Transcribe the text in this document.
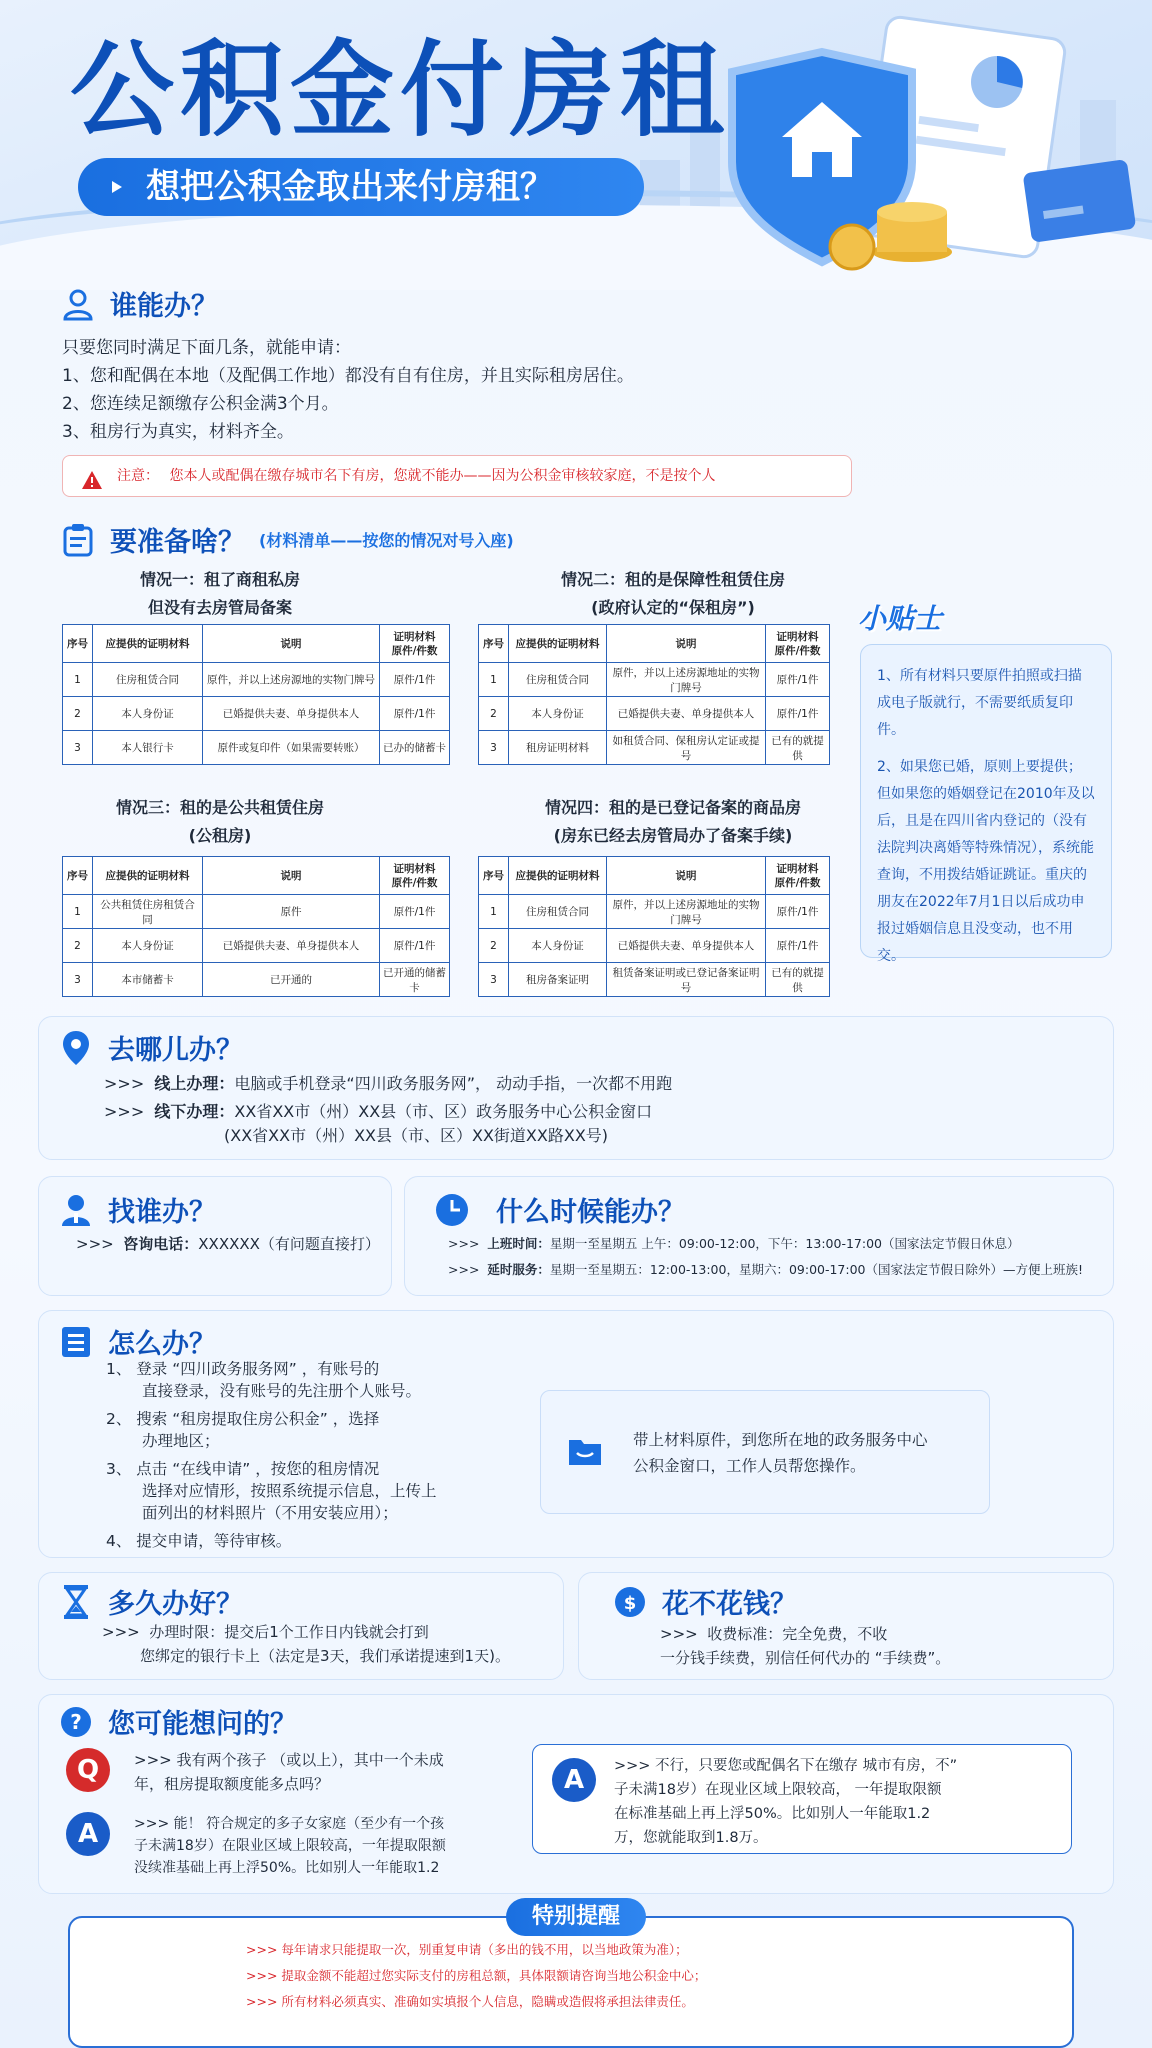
公积金付房租
想把公积金取出来付房租？
谁能办？
只要您同时满足下面几条，就能申请：
1、您和配偶在本地（及配偶工作地）都没有自有住房，并且实际租房居住。
2、您连续足额缴存公积金满3个月。
3、租房行为真实，材料齐全。
注意： 您本人或配偶在缴存城市名下有房，您就不能办——因为公积金审核较家庭，不是按个人
要准备啥？ (材料清单——按您的情况对号入座)
情况一：租了商租私房
但没有去房管局备案
序号	应提供的证明材料	说明	证明材料
原件/件数
1	住房租赁合同	原件，并以上述房源地的实物门牌号	原件/1件
2	本人身份证	已婚提供夫妻、单身提供本人	原件/1件
3	本人银行卡	原件或复印件（如果需要转账）	已办的储蓄卡
情况二：租的是保障性租赁住房
(政府认定的“保租房”)
序号	应提供的证明材料	说明	证明材料
原件/件数
1	住房租赁合同	原件，并以上述房源地址的实物门牌号	原件/1件
2	本人身份证	已婚提供夫妻、单身提供本人	原件/1件
3	租房证明材料	如租赁合同、保租房认定证或提号	已有的就提供
情况三：租的是公共租赁住房
(公租房)
序号	应提供的证明材料	说明	证明材料
原件/件数
1	公共租赁住房租赁合同	原件	原件/1件
2	本人身份证	已婚提供夫妻、单身提供本人	原件/1件
3	本市储蓄卡	已开通的	已开通的储蓄卡
情况四：租的是已登记备案的商品房
(房东已经去房管局办了备案手续)
序号	应提供的证明材料	说明	证明材料
原件/件数
1	住房租赁合同	原件，并以上述房源地址的实物门牌号	原件/1件
2	本人身份证	已婚提供夫妻、单身提供本人	原件/1件
3	租房备案证明	租赁备案证明或已登记备案证明号	已有的就提供
小贴士

1、所有材料只要原件拍照或扫描成电子版就行，不需要纸质复印件。

2、如果您已婚，原则上要提供；但如果您的婚姻登记在2010年及以后，且是在四川省内登记的（没有法院判决离婚等特殊情况），系统能查询，不用拨结婚证跳证。重庆的朋友在2022年7月1日以后成功申报过婚姻信息且没变动，也不用交。

去哪儿办？
>>>  线上办理：电脑或手机登录“四川政务服务网”， 动动手指，一次都不用跑
>>>  线下办理：XX省XX市（州）XX县（市、区）政务服务中心公积金窗口
(XX省XX市（州）XX县（市、区）XX街道XX路XX号)
找谁办？
>>>  咨询电话：XXXXXX（有问题直接打）
什么时候能办？
>>>  上班时间：星期一至星期五 上午：09:00-12:00，下午：13:00-17:00（国家法定节假日休息）
>>>  延时服务：星期一至星期五：12:00-13:00，星期六：09:00-17:00（国家法定节假日除外）—方便上班族!
怎么办？
1、 登录 “四川政务服务网” ，有账号的
直接登录，没有账号的先注册个人账号。
2、 搜索 “租房提取住房公积金” ，选择
办理地区；
3、 点击 “在线申请” ，按您的租房情况
选择对应情形，按照系统提示信息，上传上
面列出的材料照片（不用安装应用）；
4、 提交申请，等待审核。
带上材料原件，到您所在地的政务服务中心
公积金窗口，工作人员帮您操作。
多久办好？
>>>  办理时限：提交后1个工作日内钱就会打到
您绑定的银行卡上（法定是3天，我们承诺提速到1天)。
$ 花不花钱？
>>>  收费标准：完全免费，不收
一分钱手续费，别信任何代办的 “手续费”。
? 您可能想问的？
Q	>>> 我有两个孩子 （或以上），其中一个未成
年，租房提取额度能多点吗？
A	>>> 能！ 符合规定的多子女家庭（至少有一个孩
子未满18岁）在限业区域上限较高，一年提取限额
没续准基础上再上浮50%。比如别人一年能取1.2
A	>>> 不行，只要您或配偶名下在缴存 城市有房，不”
子未满18岁）在现业区域上限较高， 一年提取限额
在标准基础上再上浮50%。比如别人一年能取1.2
万，您就能取到1.8万。
特别提醒
>>> 每年请求只能提取一次，别重复申请（多出的钱不用，以当地政策为准）；
>>> 提取金额不能超过您实际支付的房租总额，具体限额请咨询当地公积金中心；
>>> 所有材料必须真实、准确如实填报个人信息，隐瞒或造假将承担法律责任。
